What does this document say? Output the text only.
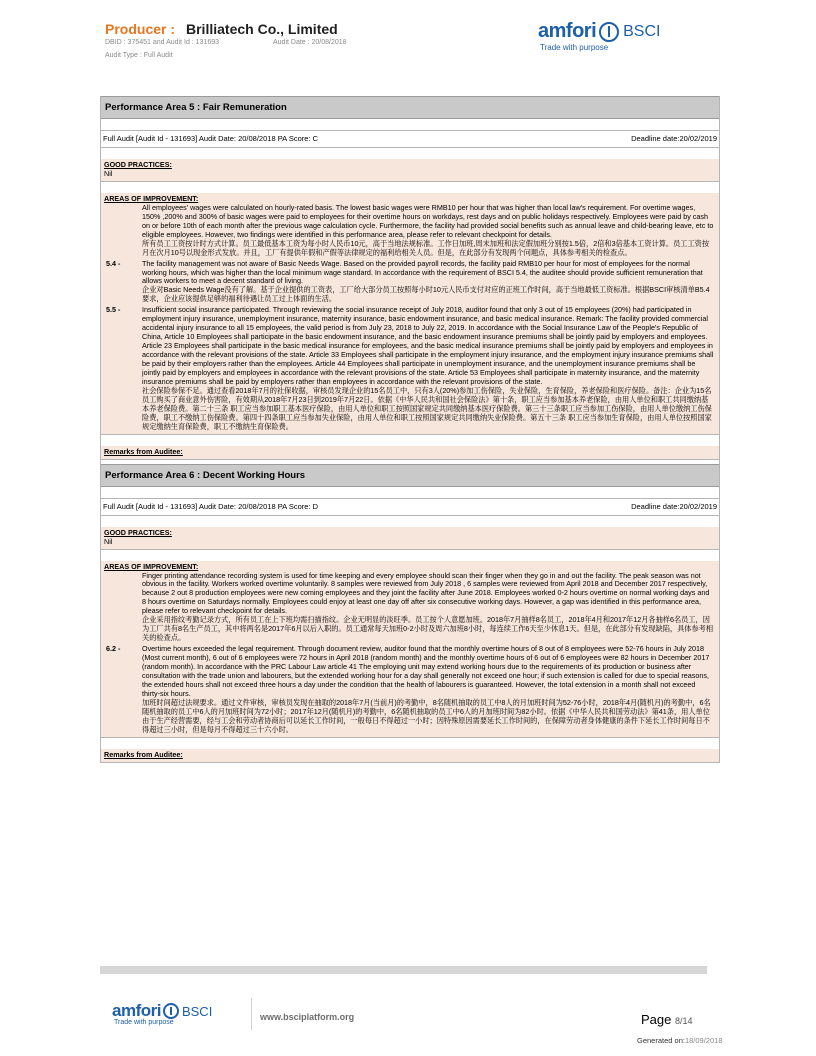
Producer : Brilliatech Co., Limited
DBID : 375451 and Audit Id : 131693	Audit Date : 20/08/2018
Audit Type : Full Audit
amfori BSCI
Trade with purpose
Performance Area 5 : Fair Remuneration
Full Audit [Audit Id - 131693] Audit Date: 20/08/2018 PA Score: C	Deadline date:20/02/2019
GOOD PRACTICES:
Nil
AREAS OF IMPROVEMENT:
All employees' wages were calculated on hourly-rated basis. The lowest basic wages were RMB10 per hour that was higher than local law's requirement. For overtime wages, 150% ,200% and 300% of basic wages were paid to employees for their overtime hours on workdays, rest days and on public holidays respectively. Employees were paid by cash on or before 10th of each month after the previous wage calculation cycle. Furthermore, the facility had provided social benefits such as annual leave and child-bearing leave, etc to eligible employees. However, two findings were identified in this performance area, please refer to relevant checkpoint for details.
所有员工工资按计时方式计算。员工最低基本工资为每小时人民币10元，高于当地法规标准。工作日加班,周末加班和法定假加班分别按1.5倍，2倍和3倍基本工资计算。员工工资按月在次月10号以现金形式发放。并且，工厂有提供年假和产假等法律规定的福利给相关人员。但是，在此部分有发现两个问题点，具体参考相关的检查点。
5.4 -	The facility management was not aware of Basic Needs Wage. Based on the provided payroll records, the facility paid RMB10 per hour for most of employees for the normal working hours, which was higher than the local minimum wage standard. In accordance with the requirement of BSCI 5.4, the auditee should provide sufficient remuneration that allows workers to meet a decent standard of living.
企业对Basic Needs Wage没有了解。基于企业提供的工资表，工厂给大部分员工按照每小时10元人民币支付对应的正班工作时间，高于当地最低工资标准。根据BSCI审核清单B5.4要求，企业应该提供足够的福利待遇让员工过上体面的生活。
5.5 -	Insufficient social insurance participated. Through reviewing the social insurance receipt of July 2018, auditor found that only 3 out of 15 employees (20%) had participated in employment injury insurance, unemployment insurance, maternity insurance, basic endowment insurance, and basic medical insurance. Remark: The facility provided commercial accidental injury insurance to all 15 employees, the valid period is from July 23, 2018 to July 22, 2019. In accordance with the Social Insurance Law of the People's Republic of China, Article 10 Employees shall participate in the basic endowment insurance, and the basic endowment insurance premiums shall be jointly paid by employers and employees. Article 23 Employees shall participate in the basic medical insurance for employees, and the basic medical insurance premiums shall be jointly paid by employers and employees in accordance with the relevant provisions of the state. Article 33 Employees shall participate in the employment injury insurance, and the employment injury insurance premiums shall be paid by their employers rather than the employees. Article 44 Employees shall participate in unemployment insurance, and the unemployment insurance premiums shall be jointly paid by employers and employees in accordance with the relevant provisions of the state. Article 53 Employees shall participate in maternity insurance, and the maternity insurance premiums shall be paid by employers rather than employees in accordance with the relevant provisions of the state.
社会保险参保不足。通过查看2018年7月的社保收据，审核员发现企业的15名员工中，只有3人(20%)参加工伤保险，失业保险，生育保险，养老保险和医疗保险。备注：企业为15名员工购买了商业意外伤害险，有效期从2018年7月23日到2019年7月22日。依据《中华人民共和国社会保险法》第十条，职工应当参加基本养老保险，由用人单位和职工共同缴纳基本养老保险费。第二十三条 职工应当参加职工基本医疗保险，由用人单位和职工按照国家规定共同缴纳基本医疗保险费。第三十三条职工应当参加工伤保险，由用人单位缴纳工伤保险费，职工不缴纳工伤保险费。第四十四条职工应当参加失业保险，由用人单位和职工按照国家规定共同缴纳失业保险费。第五十三条 职工应当参加生育保险，由用人单位按照国家规定缴纳生育保险费，职工不缴纳生育保险费。
Remarks from Auditee:
Performance Area 6 : Decent Working Hours
Full Audit [Audit Id - 131693] Audit Date: 20/08/2018 PA Score: D	Deadline date:20/02/2019
GOOD PRACTICES:
Nil
AREAS OF IMPROVEMENT:
Finger printing attendance recording system is used for time keeping and every employee should scan their finger when they go in and out the facility. The peak season was not obvious in the facility. Workers worked overtime voluntarily. 8 samples were reviewed from July 2018 , 6 samples were reviewed from April 2018 and December 2017 respectively, because 2 out 8 production employees were new coming employees and they joint the facility after June 2018. Employees worked 0-2 hours overtime on normal working days and 8 hours overtime on Saturdays normally. Employees could enjoy at least one day off after six consecutive working days. However, a gap was identified in this performance area, please refer to relevant checkpoint for details.
企业采用指纹考勤记录方式，所有员工在上下班均需扫描指纹。企业无明显的淡旺季。员工按个人意愿加班。2018年7月抽样8名员工，2018年4月和2017年12月各抽样6名员工，因为工厂共有8名生产员工，其中将两名是2017年6月以后入职的。员工通常每天加班0-2小时及周六加班8小时，每连续工作6天至少休息1天。但是，在此部分有发现缺陷，具体参考相关的检查点。
6.2 -	Overtime hours exceeded the legal requirement. Through document review, auditor found that the monthly overtime hours of 8 out of 8 employees were 52-76 hours in July 2018 (Most current month), 6 out of 6 employees were 72 hours in April 2018 (random month) and the monthly overtime hours of 6 out of 6 employees were 82 hours in December 2017 (random month). In accordance with the PRC Labour Law article 41 The employing unit may extend working hours due to the requirements of its production or business after consultation with the trade union and labourers, but the extended working hour for a day shall generally not exceed one hour; if such extension is called for due to special reasons, the extended hours shall not exceed three hours a day under the condition that the health of labourers is guaranteed. However, the total extension in a month shall not exceed thirty-six hours.
加班时间超过法规要求。通过文件审核，审核员发现在抽取的2018年7月(当前月)的考勤中，8名随机抽取的员工中8人的月加班时间为52-76小时，2018年4月(随机月)的考勤中，6名随机抽取的员工中6人的月加班时间为72小时；2017年12月(随机月)的考勤中，6名随机抽取的员工中6人的月加班时间为82小时。依据《中华人民共和国劳动法》第41条，用人单位由于生产经营需要，经与工会和劳动者协商后可以延长工作时间，一般每日不得超过一小时；因特殊原因需要延长工作时间的，在保障劳动者身体健康的条件下延长工作时间每日不得超过三小时，但是每月不得超过三十六小时。
Remarks from Auditee:
amfori BSCI
Trade with purpose
www.bsciplatform.org	Page 8/14
Generated on:18/09/2018
